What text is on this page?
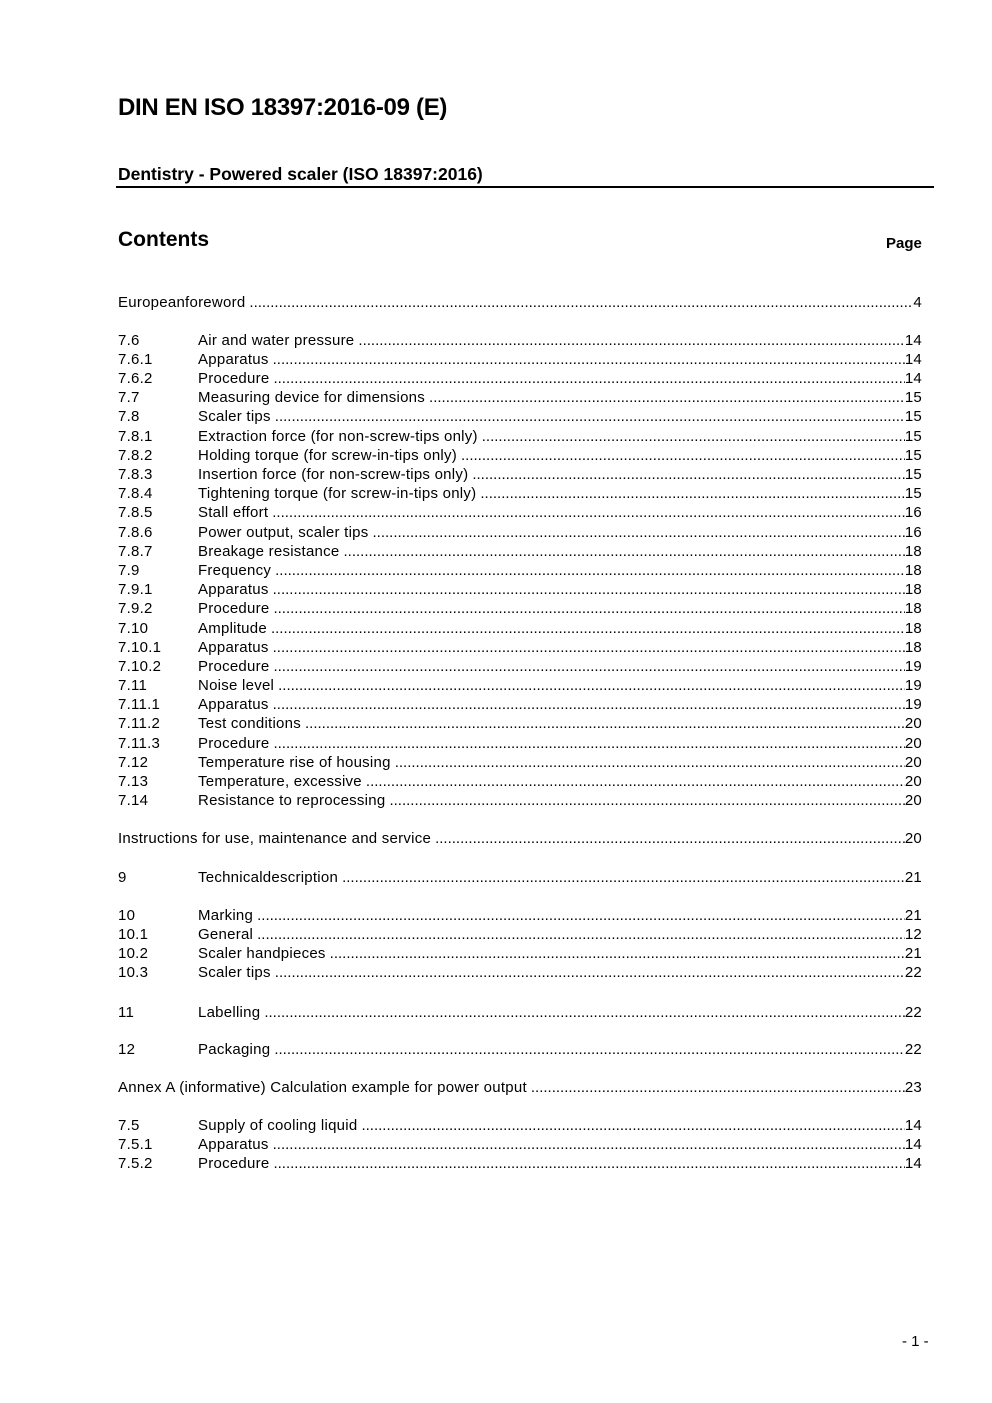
DIN EN ISO 18397:2016-09 (E)
Dentistry - Powered scaler (ISO 18397:2016)
Contents	Page
Europeanforeword .....	4
7.6	Air and water pressure .....	14
7.6.1	Apparatus .....	14
7.6.2	Procedure .....	14
7.7	Measuring device for dimensions .....	15
7.8	Scaler tips .....	15
7.8.1	Extraction force (for non-screw-tips only) .....	15
7.8.2	Holding torque (for screw-in-tips only) .....	15
7.8.3	Insertion force (for non-screw-tips only) .....	15
7.8.4	Tightening torque (for screw-in-tips only) .....	15
7.8.5	Stall effort .....	16
7.8.6	Power output, scaler tips .....	16
7.8.7	Breakage resistance .....	18
7.9	Frequency .....	18
7.9.1	Apparatus .....	18
7.9.2	Procedure .....	18
7.10	Amplitude .....	18
7.10.1	Apparatus .....	18
7.10.2	Procedure .....	19
7.11	Noise level .....	19
7.11.1	Apparatus .....	19
7.11.2	Test conditions .....	20
7.11.3	Procedure .....	20
7.12	Temperature rise of housing .....	20
7.13	Temperature, excessive .....	20
7.14	Resistance to reprocessing .....	20
Instructions for use, maintenance and service .....	20
9	Technicaldescription .....	21
10	Marking .....	21
10.1	General .....	12
10.2	Scaler handpieces .....	21
10.3	Scaler tips .....	22
11	Labelling .....	22
12	Packaging .....	22
Annex A (informative) Calculation example for power output .....	23
7.5	Supply of cooling liquid .....	14
7.5.1	Apparatus .....	14
7.5.2	Procedure .....	14
- 1 -
